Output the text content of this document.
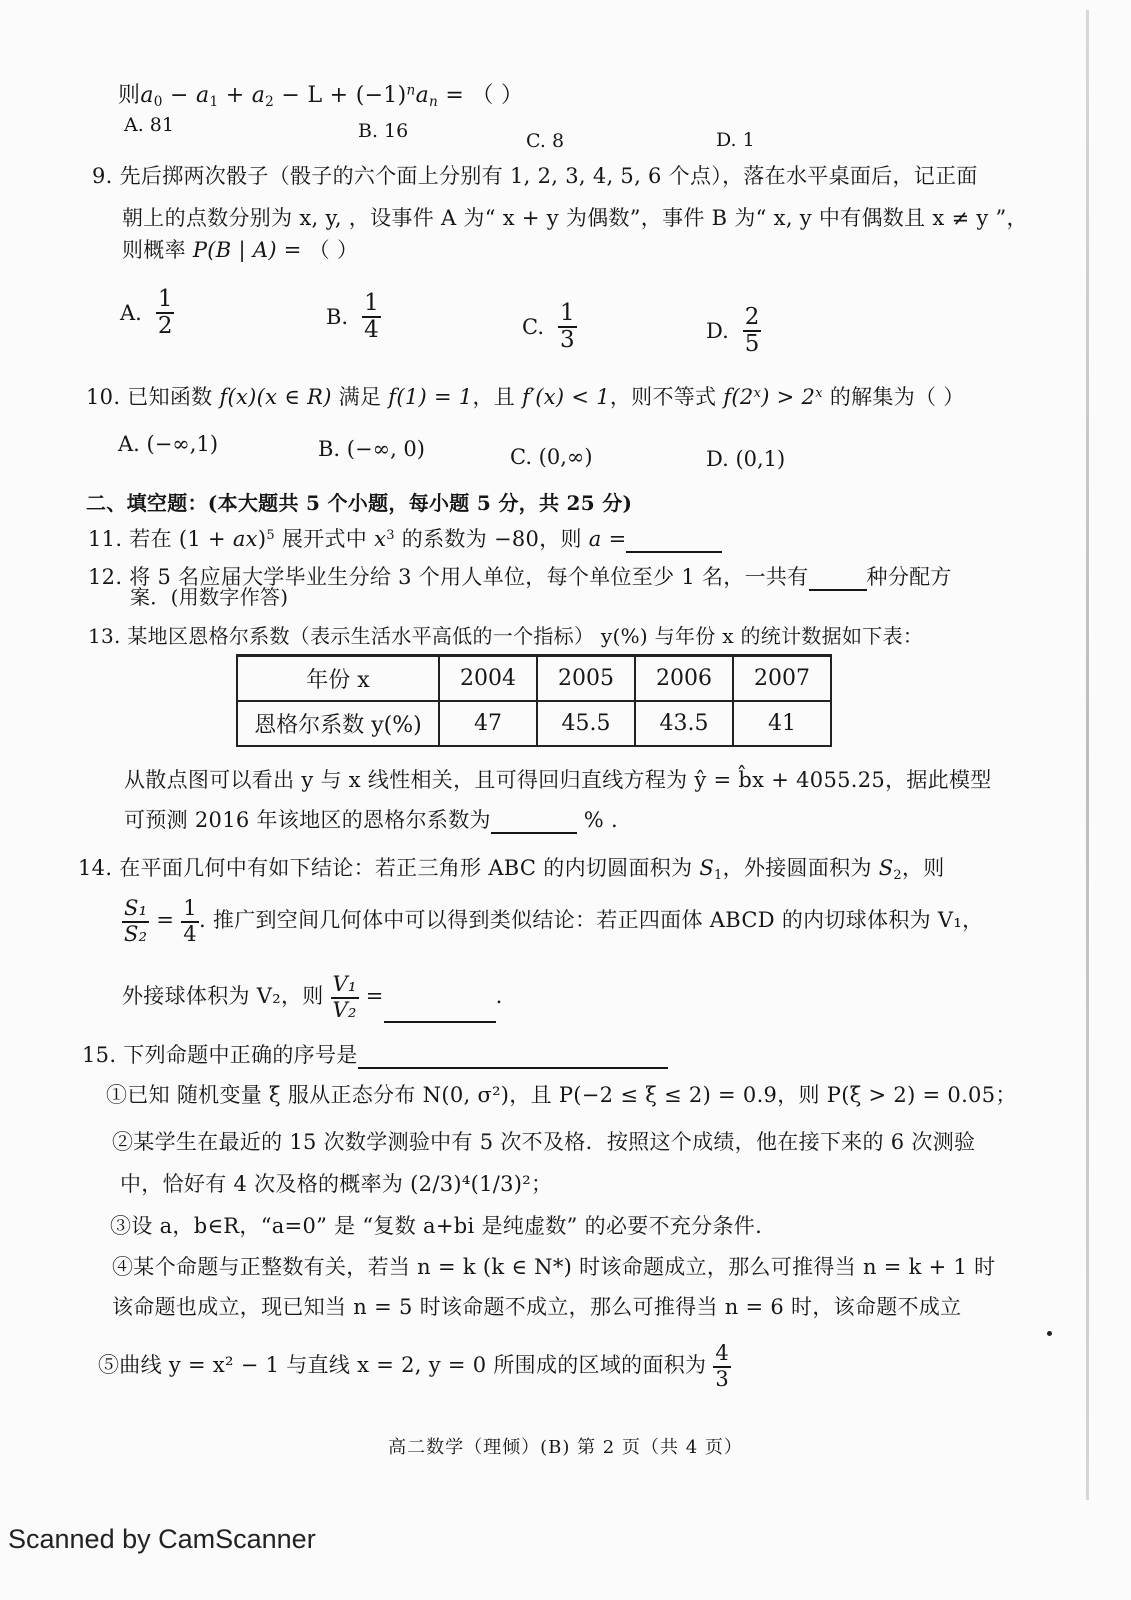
则$a_0 - a_1 + a_2 - L + (-1)^na_n$ = （ ）
A. 81	B. 16	C. 8	D. 1
9. 先后掷两次骰子（骰子的六个面上分别有 1, 2, 3, 4, 5, 6 个点），落在水平桌面后，记正面
朝上的点数分别为 x, y, ，设事件 A 为“ x + y 为偶数”，事件 B 为“ x, y 中有偶数且 x ≠ y ”，
则概率 P(B | A) = （ ）
A. $\frac{1}{2}$	B. $\frac{1}{4}$	C. $\frac{1}{3}$	D. $\frac{2}{5}$
10. 已知函数 f(x)(x ∈ R) 满足 f(1) = 1，且 f′(x) < 1，则不等式 $f(2^x) > 2^x$ 的解集为（ ）
A. (−∞,1)	B. (−∞, 0)	C. (0,∞)	D. (0,1)
二、填空题：(本大题共 5 个小题，每小题 5 分，共 25 分)
11. 若在 (1 + ax)$^5$ 展开式中 $x^3$ 的系数为 −80，则 a =
12. 将 5 名应届大学毕业生分给 3 个用人单位，每个单位至少 1 名，一共有	种分配方
案．(用数字作答)
13. 某地区恩格尔系数（表示生活水平高低的一个指标） y(%) 与年份 x 的统计数据如下表：
年份 x	2004	2005	2006	2007
恩格尔系数 y(%)	47	45.5	43.5	41
从散点图可以看出 y 与 x 线性相关，且可得回归直线方程为 ŷ = b̂x + 4055.25，据此模型
可预测 2016 年该地区的恩格尔系数为	% .
14. 在平面几何中有如下结论：若正三角形 ABC 的内切圆面积为 $S_1$，外接圆面积为 $S_2$，则
$\frac{\text{S₁}}{\text{S₂}} = \frac{1}{4}$ . 推广到空间几何体中可以得到类似结论：若正四面体 ABCD 的内切球体积为 V₁，
外接球体积为 V₂，则 $\frac{\text{V₁}}{\text{V₂}}$ =	.
15. 下列命题中正确的序号是
①已知 随机变量 ξ 服从正态分布 N(0, σ²)，且 P(−2 ≤ ξ ≤ 2) = 0.9，则 P(ξ > 2) = 0.05；
②某学生在最近的 15 次数学测验中有 5 次不及格．按照这个成绩，他在接下来的 6 次测验
中，恰好有 4 次及格的概率为 (2/3)⁴(1/3)²；
③设 a，b∈R，“a=0” 是 “复数 a+bi 是纯虚数” 的必要不充分条件.
④某个命题与正整数有关，若当 n = k (k ∈ N*) 时该命题成立，那么可推得当 n = k + 1 时
该命题也成立，现已知当 n = 5 时该命题不成立，那么可推得当 n = 6 时，该命题不成立
⑤曲线 y = x² − 1 与直线 x = 2, y = 0 所围成的区域的面积为 $\frac{4}{3}$
高二数学（理倾）(B) 第 2 页（共 4 页）
Scanned by CamScanner
